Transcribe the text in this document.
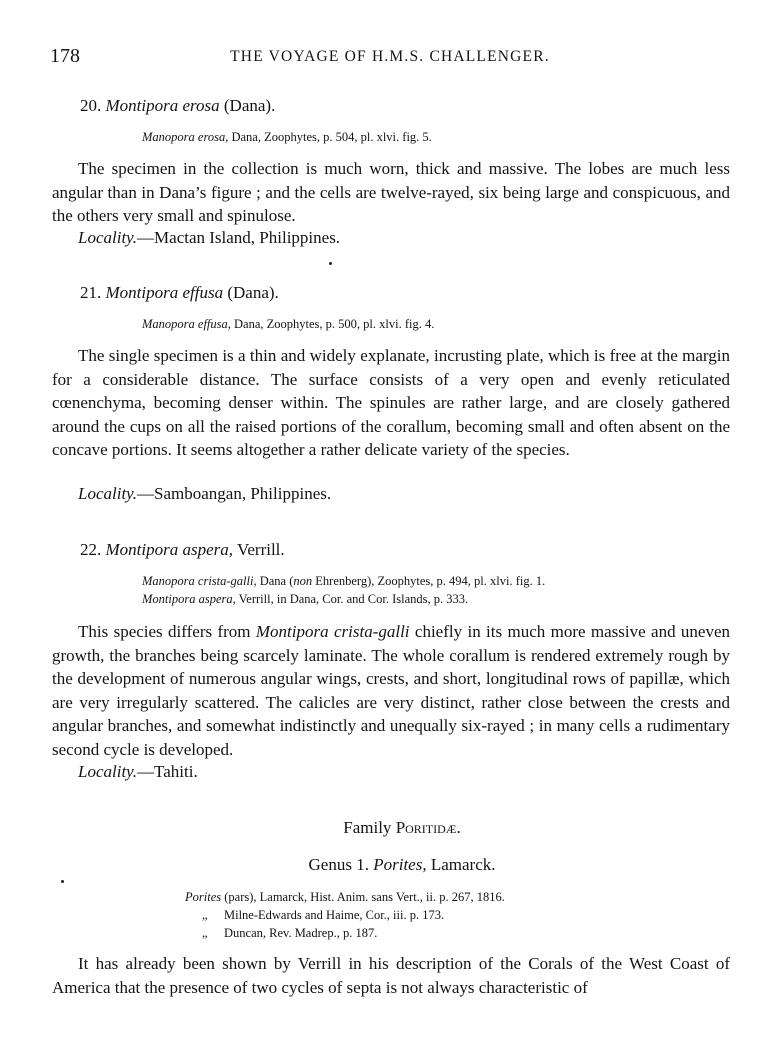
178	THE VOYAGE OF H.M.S. CHALLENGER.
20. Montipora erosa (Dana).
Manopora erosa, Dana, Zoophytes, p. 504, pl. xlvi. fig. 5.

The specimen in the collection is much worn, thick and massive. The lobes are much less angular than in Dana’s figure ; and the cells are twelve-rayed, six being large and conspicuous, and the others very small and spinulose.

Locality.—Mactan Island, Philippines.
21. Montipora effusa (Dana).
Manopora effusa, Dana, Zoophytes, p. 500, pl. xlvi. fig. 4.

The single specimen is a thin and widely explanate, incrusting plate, which is free at the margin for a considerable distance. The surface consists of a very open and evenly reticulated cœnenchyma, becoming denser within. The spinules are rather large, and are closely gathered around the cups on all the raised portions of the corallum, becoming small and often absent on the concave portions. It seems altogether a rather delicate variety of the species.

Locality.—Samboangan, Philippines.
22. Montipora aspera, Verrill.
Manopora crista-galli, Dana (non Ehrenberg), Zoophytes, p. 494, pl. xlvi. fig. 1.
Montipora aspera, Verrill, in Dana, Cor. and Cor. Islands, p. 333.

This species differs from Montipora crista-galli chiefly in its much more massive and uneven growth, the branches being scarcely laminate. The whole corallum is rendered extremely rough by the development of numerous angular wings, crests, and short, longitudinal rows of papillæ, which are very irregularly scattered. The calicles are very distinct, rather close between the crests and angular branches, and somewhat indistinctly and unequally six-rayed ; in many cells a rudimentary second cycle is developed.

Locality.—Tahiti.
Family Poritidæ.
Genus 1. Porites, Lamarck.
Porites (pars), Lamarck, Hist. Anim. sans Vert., ii. p. 267, 1816.
„ Milne-Edwards and Haime, Cor., iii. p. 173.
„ Duncan, Rev. Madrep., p. 187.

It has already been shown by Verrill in his description of the Corals of the West Coast of America that the presence of two cycles of septa is not always characteristic of
